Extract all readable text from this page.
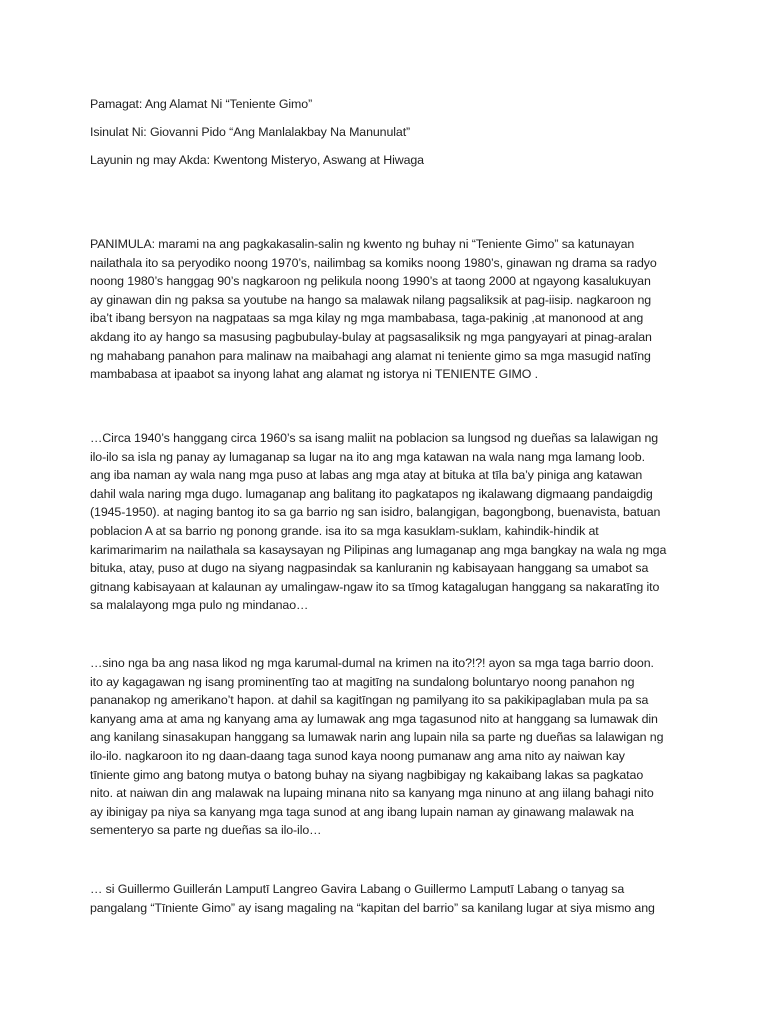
Pamagat: Ang Alamat Ni “Teniente Gimo”
Isinulat Ni: Giovanni Pido “Ang Manlalakbay Na Manunulat”
Layunin ng may Akda: Kwentong Misteryo, Aswang at Hiwaga
PANIMULA: marami na ang pagkakasalin-salin ng kwento ng buhay ni “Teniente Gimo” sa katunayan
nailathala ito sa peryodiko noong 1970’s, nailimbag sa komiks noong 1980’s, ginawan ng drama sa radyo
noong 1980’s hanggag 90’s nagkaroon ng pelikula noong 1990’s at taong 2000 at ngayong kasalukuyan
ay ginawan din ng paksa sa youtube na hango sa malawak nilang pagsaliksik at pag-iisip. nagkaroon ng
iba’t ibang bersyon na nagpataas sa mga kilay ng mga mambabasa, taga-pakinig ,at manonood at ang
akdang ito ay hango sa masusing pagbubulay-bulay at pagsasaliksik ng mga pangyayari at pinag-aralan
ng mahabang panahon para malinaw na maibahagi ang alamat ni teniente gimo sa mga masugid natīng
mambabasa at ipaabot sa inyong lahat ang alamat ng istorya ni TENIENTE GIMO .
…Circa 1940’s hanggang circa 1960’s sa isang maliit na poblacion sa lungsod ng dueñas sa lalawigan ng
ilo-ilo sa isla ng panay ay lumaganap sa lugar na ito ang mga katawan na wala nang mga lamang loob.
ang iba naman ay wala nang mga puso at labas ang mga atay at bituka at tīla ba’y piniga ang katawan
dahil wala naring mga dugo. lumaganap ang balitang ito pagkatapos ng ikalawang digmaang pandaigdig
(1945-1950). at naging bantog ito sa ga barrio ng san isidro, balangigan, bagongbong, buenavista, batuan
poblacion A at sa barrio ng ponong grande. isa ito sa mga kasuklam-suklam, kahindik-hindik at
karimarimarim na nailathala sa kasaysayan ng Pilipinas ang lumaganap ang mga bangkay na wala ng mga
bituka, atay, puso at dugo na siyang nagpasindak sa kanluranin ng kabisayaan hanggang sa umabot sa
gitnang kabisayaan at kalaunan ay umalingaw-ngaw ito sa tīmog katagalugan hanggang sa nakaratīng ito
sa malalayong mga pulo ng mindanao…
…sino nga ba ang nasa likod ng mga karumal-dumal na krimen na ito?!?! ayon sa mga taga barrio doon.
ito ay kagagawan ng isang prominentīng tao at magitīng na sundalong boluntaryo noong panahon ng
pananakop ng amerikano’t hapon. at dahil sa kagitīngan ng pamilyang ito sa pakikipaglaban mula pa sa
kanyang ama at ama ng kanyang ama ay lumawak ang mga tagasunod nito at hanggang sa lumawak din
ang kanilang sinasakupan hanggang sa lumawak narin ang lupain nila sa parte ng dueñas sa lalawigan ng
ilo-ilo. nagkaroon ito ng daan-daang taga sunod kaya noong pumanaw ang ama nito ay naiwan kay
tīniente gimo ang batong mutya o batong buhay na siyang nagbibigay ng kakaibang lakas sa pagkatao
nito. at naiwan din ang malawak na lupaing minana nito sa kanyang mga ninuno at ang iilang bahagi nito
ay ibinigay pa niya sa kanyang mga taga sunod at ang ibang lupain naman ay ginawang malawak na
sementeryo sa parte ng dueñas sa ilo-ilo…
… si Guillermo Guillerán Lamputī Langreo Gavira Labang o Guillermo Lamputī Labang o tanyag sa
pangalang “Tīniente Gimo” ay isang magaling na “kapitan del barrio” sa kanilang lugar at siya mismo ang
